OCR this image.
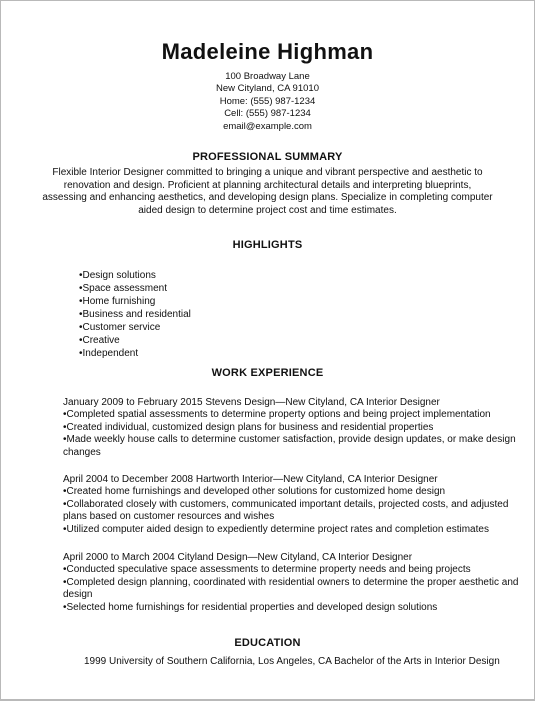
Madeleine Highman
100 Broadway Lane
New Cityland, CA 91010
Home: (555) 987-1234
Cell: (555) 987-1234
email@example.com
PROFESSIONAL SUMMARY
Flexible Interior Designer committed to bringing a unique and vibrant perspective and aesthetic to renovation and design. Proficient at planning architectural details and interpreting blueprints, assessing and enhancing aesthetics, and developing design plans. Specialize in completing computer aided design to determine project cost and time estimates.
HIGHLIGHTS
•Design solutions
•Space assessment
•Home furnishing
•Business and residential
•Customer service
•Creative
•Independent
WORK EXPERIENCE
January 2009 to February 2015 Stevens Design—New Cityland, CA Interior Designer
•Completed spatial assessments to determine property options and being project implementation
•Created individual, customized design plans for business and residential properties
•Made weekly house calls to determine customer satisfaction, provide design updates, or make design changes
April 2004 to December 2008 Hartworth Interior—New Cityland, CA Interior Designer
•Created home furnishings and developed other solutions for customized home design
•Collaborated closely with customers, communicated important details, projected costs, and adjusted plans based on customer resources and wishes
•Utilized computer aided design to expediently determine project rates and completion estimates
April 2000 to March 2004 Cityland Design—New Cityland, CA Interior Designer
•Conducted speculative space assessments to determine property needs and being projects
•Completed design planning, coordinated with residential owners to determine the proper aesthetic and design
•Selected home furnishings for residential properties and developed design solutions
EDUCATION
1999 University of Southern California, Los Angeles, CA Bachelor of the Arts in Interior Design
